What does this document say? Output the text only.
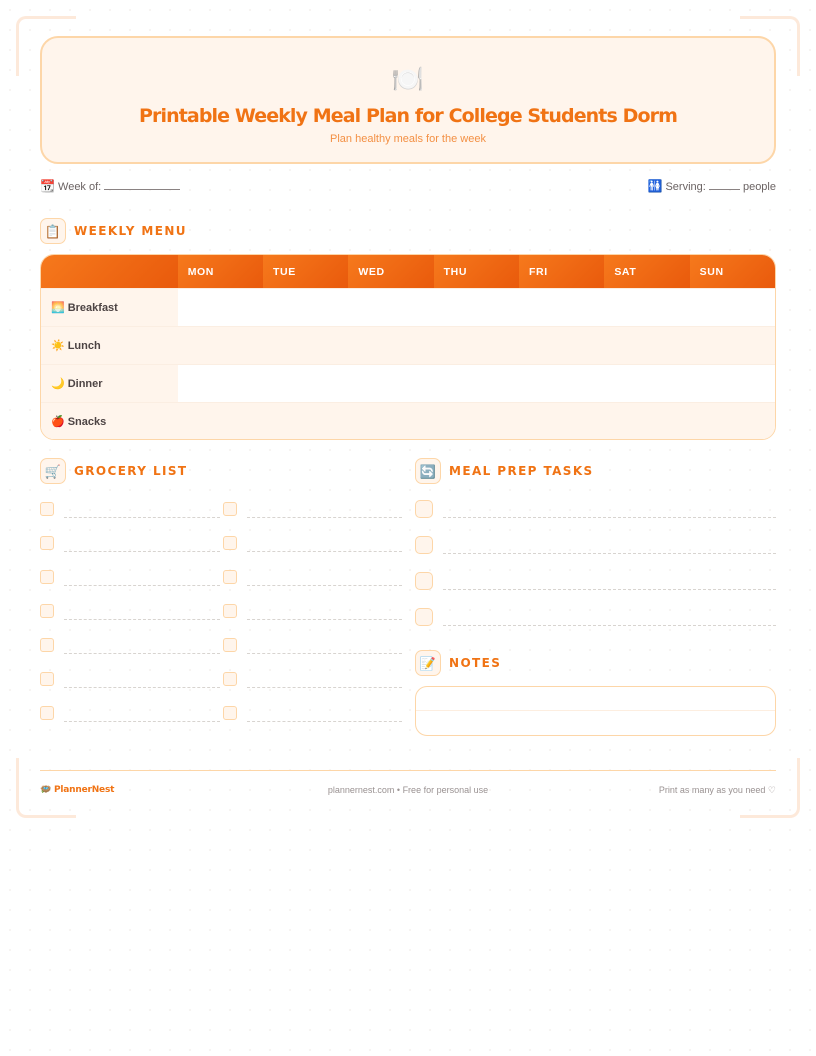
🍽️
Printable Weekly Meal Plan for College Students Dorm
Plan healthy meals for the week
📆 Week of:	🚻 Serving:	people
📋	WEEKLY MENU
MON	TUE	WED	THU	FRI	SAT	SUN
🌅 Breakfast
☀️ Lunch
🌙 Dinner
🍎 Snacks
🛒	GROCERY LIST	🔄	MEAL PREP TASKS
📝	NOTES
🪺 PlannerNest	plannernest.com • Free for personal use	Print as many as you need ♡
